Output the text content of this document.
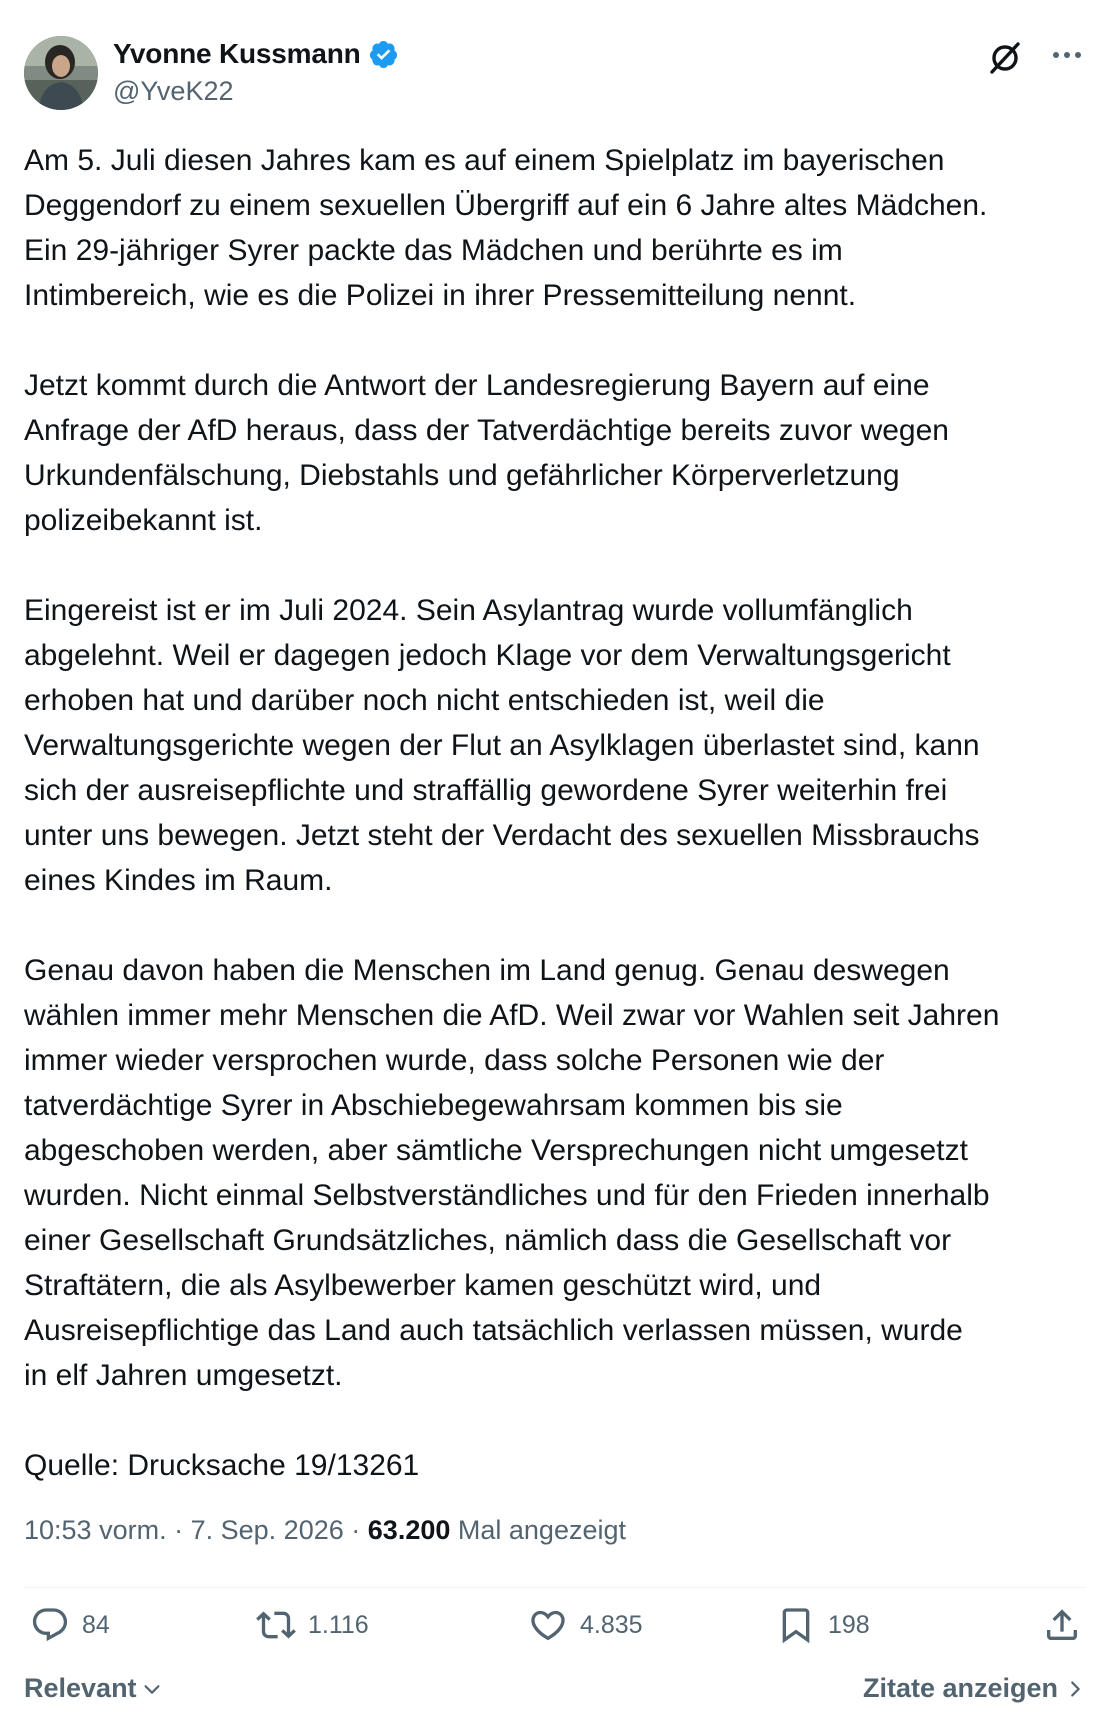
Yvonne Kussmann
@YveK22

Am 5. Juli diesen Jahres kam es auf einem Spielplatz im bayerischen
Deggendorf zu einem sexuellen Übergriff auf ein 6 Jahre altes Mädchen.
Ein 29-jähriger Syrer packte das Mädchen und berührte es im
Intimbereich, wie es die Polizei in ihrer Pressemitteilung nennt.

Jetzt kommt durch die Antwort der Landesregierung Bayern auf eine
Anfrage der AfD heraus, dass der Tatverdächtige bereits zuvor wegen
Urkundenfälschung, Diebstahls und gefährlicher Körperverletzung
polizeibekannt ist.

Eingereist ist er im Juli 2024. Sein Asylantrag wurde vollumfänglich
abgelehnt. Weil er dagegen jedoch Klage vor dem Verwaltungsgericht
erhoben hat und darüber noch nicht entschieden ist, weil die
Verwaltungsgerichte wegen der Flut an Asylklagen überlastet sind, kann
sich der ausreisepflichte und straffällig gewordene Syrer weiterhin frei
unter uns bewegen. Jetzt steht der Verdacht des sexuellen Missbrauchs
eines Kindes im Raum.

Genau davon haben die Menschen im Land genug. Genau deswegen
wählen immer mehr Menschen die AfD. Weil zwar vor Wahlen seit Jahren
immer wieder versprochen wurde, dass solche Personen wie der
tatverdächtige Syrer in Abschiebegewahrsam kommen bis sie
abgeschoben werden, aber sämtliche Versprechungen nicht umgesetzt
wurden. Nicht einmal Selbstverständliches und für den Frieden innerhalb
einer Gesellschaft Grundsätzliches, nämlich dass die Gesellschaft vor
Straftätern, die als Asylbewerber kamen geschützt wird, und
Ausreisepflichtige das Land auch tatsächlich verlassen müssen, wurde
in elf Jahren umgesetzt.

Quelle: Drucksache 19/13261

10:53 vorm. · 7. Sep. 2026 · 63.200 Mal angezeigt
84	1.116	4.835	198
Relevant	Zitate anzeigen
